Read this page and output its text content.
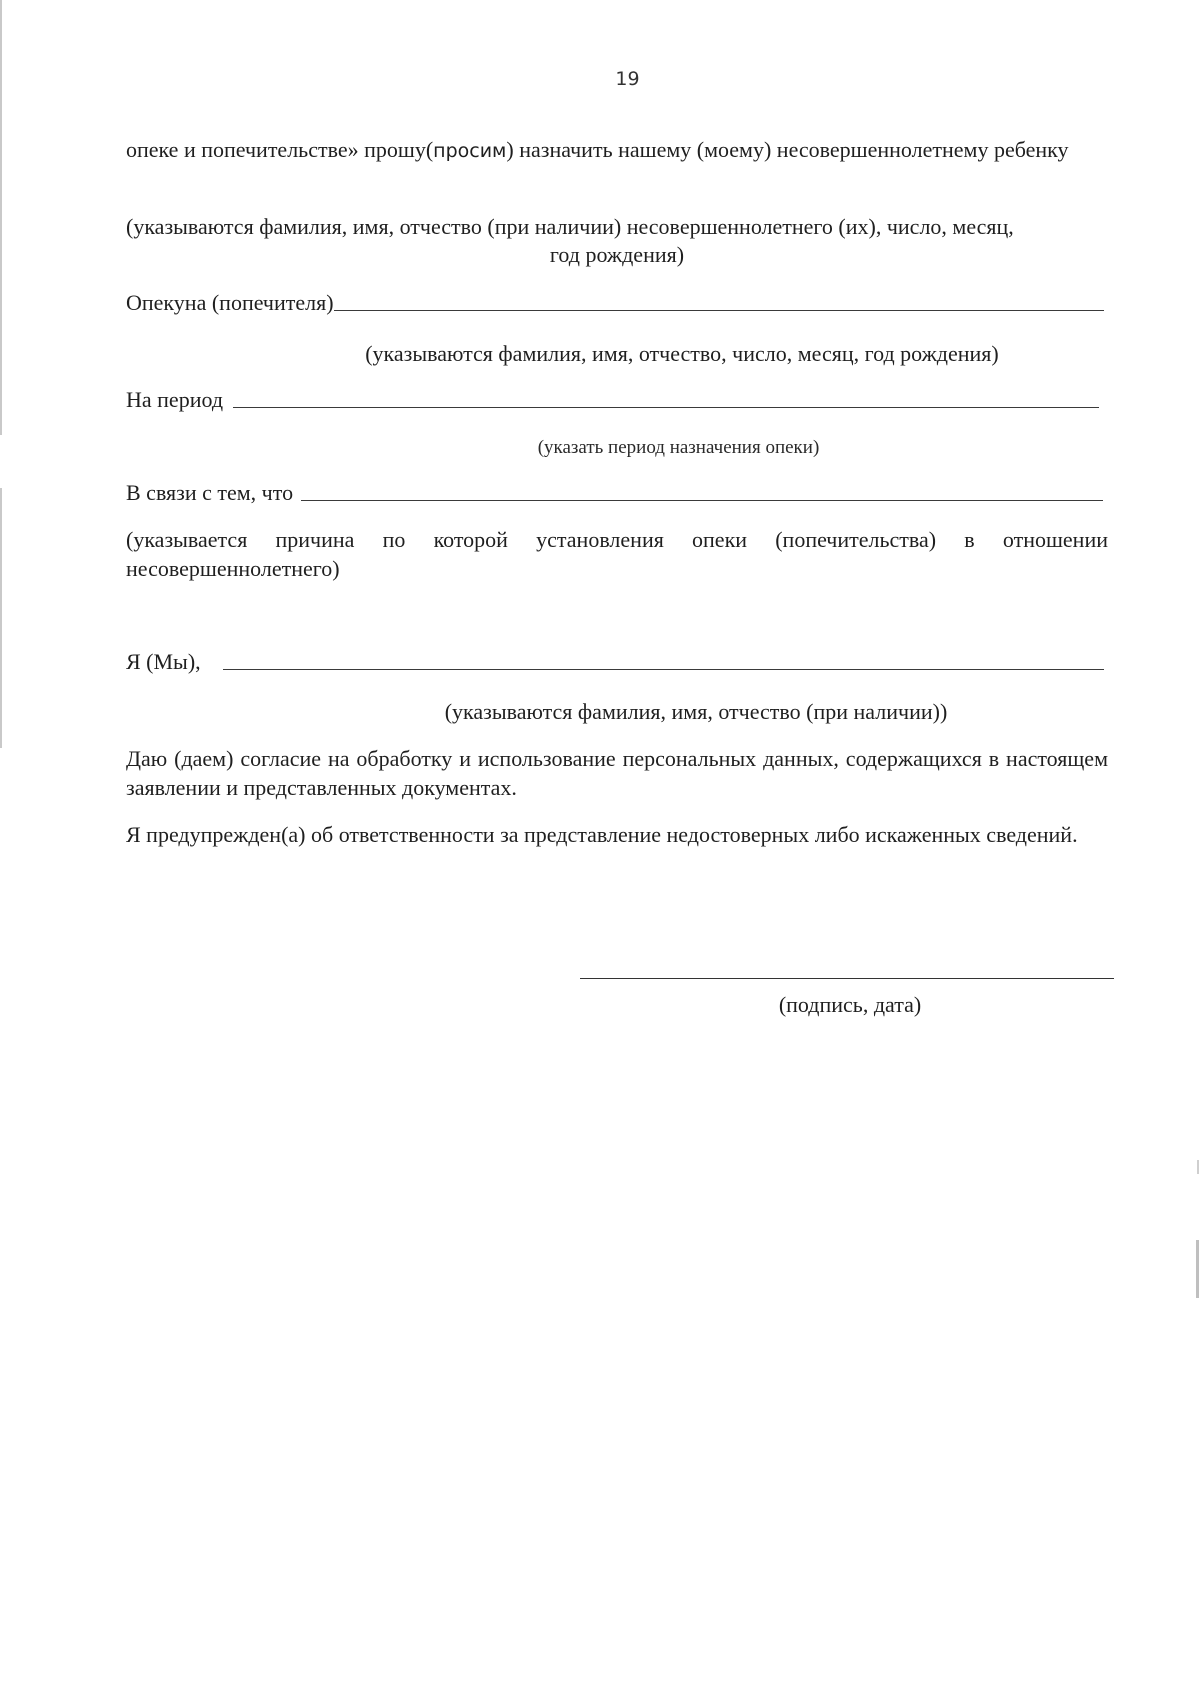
19
опеке и попечительстве» прошу(просим) назначить нашему (моему) несовершеннолетнему ребенку
(указываются фамилия, имя, отчество (при наличии) несовершеннолетнего (их), число, месяц,
год рождения)
Опекуна (попечителя)
(указываются фамилия, имя, отчество, число, месяц, год рождения)
На период
(указать период назначения опеки)
В связи с тем, что
(указывается причина по которой установления опеки (попечительства) в отношении несовершеннолетнего)
Я (Мы),
(указываются фамилия, имя, отчество (при наличии))
Даю (даем) согласие на обработку и использование персональных данных, содержащихся в настоящем заявлении и представленных документах.
Я предупрежден(а) об ответственности за представление недостоверных либо искаженных сведений.
(подпись, дата)
